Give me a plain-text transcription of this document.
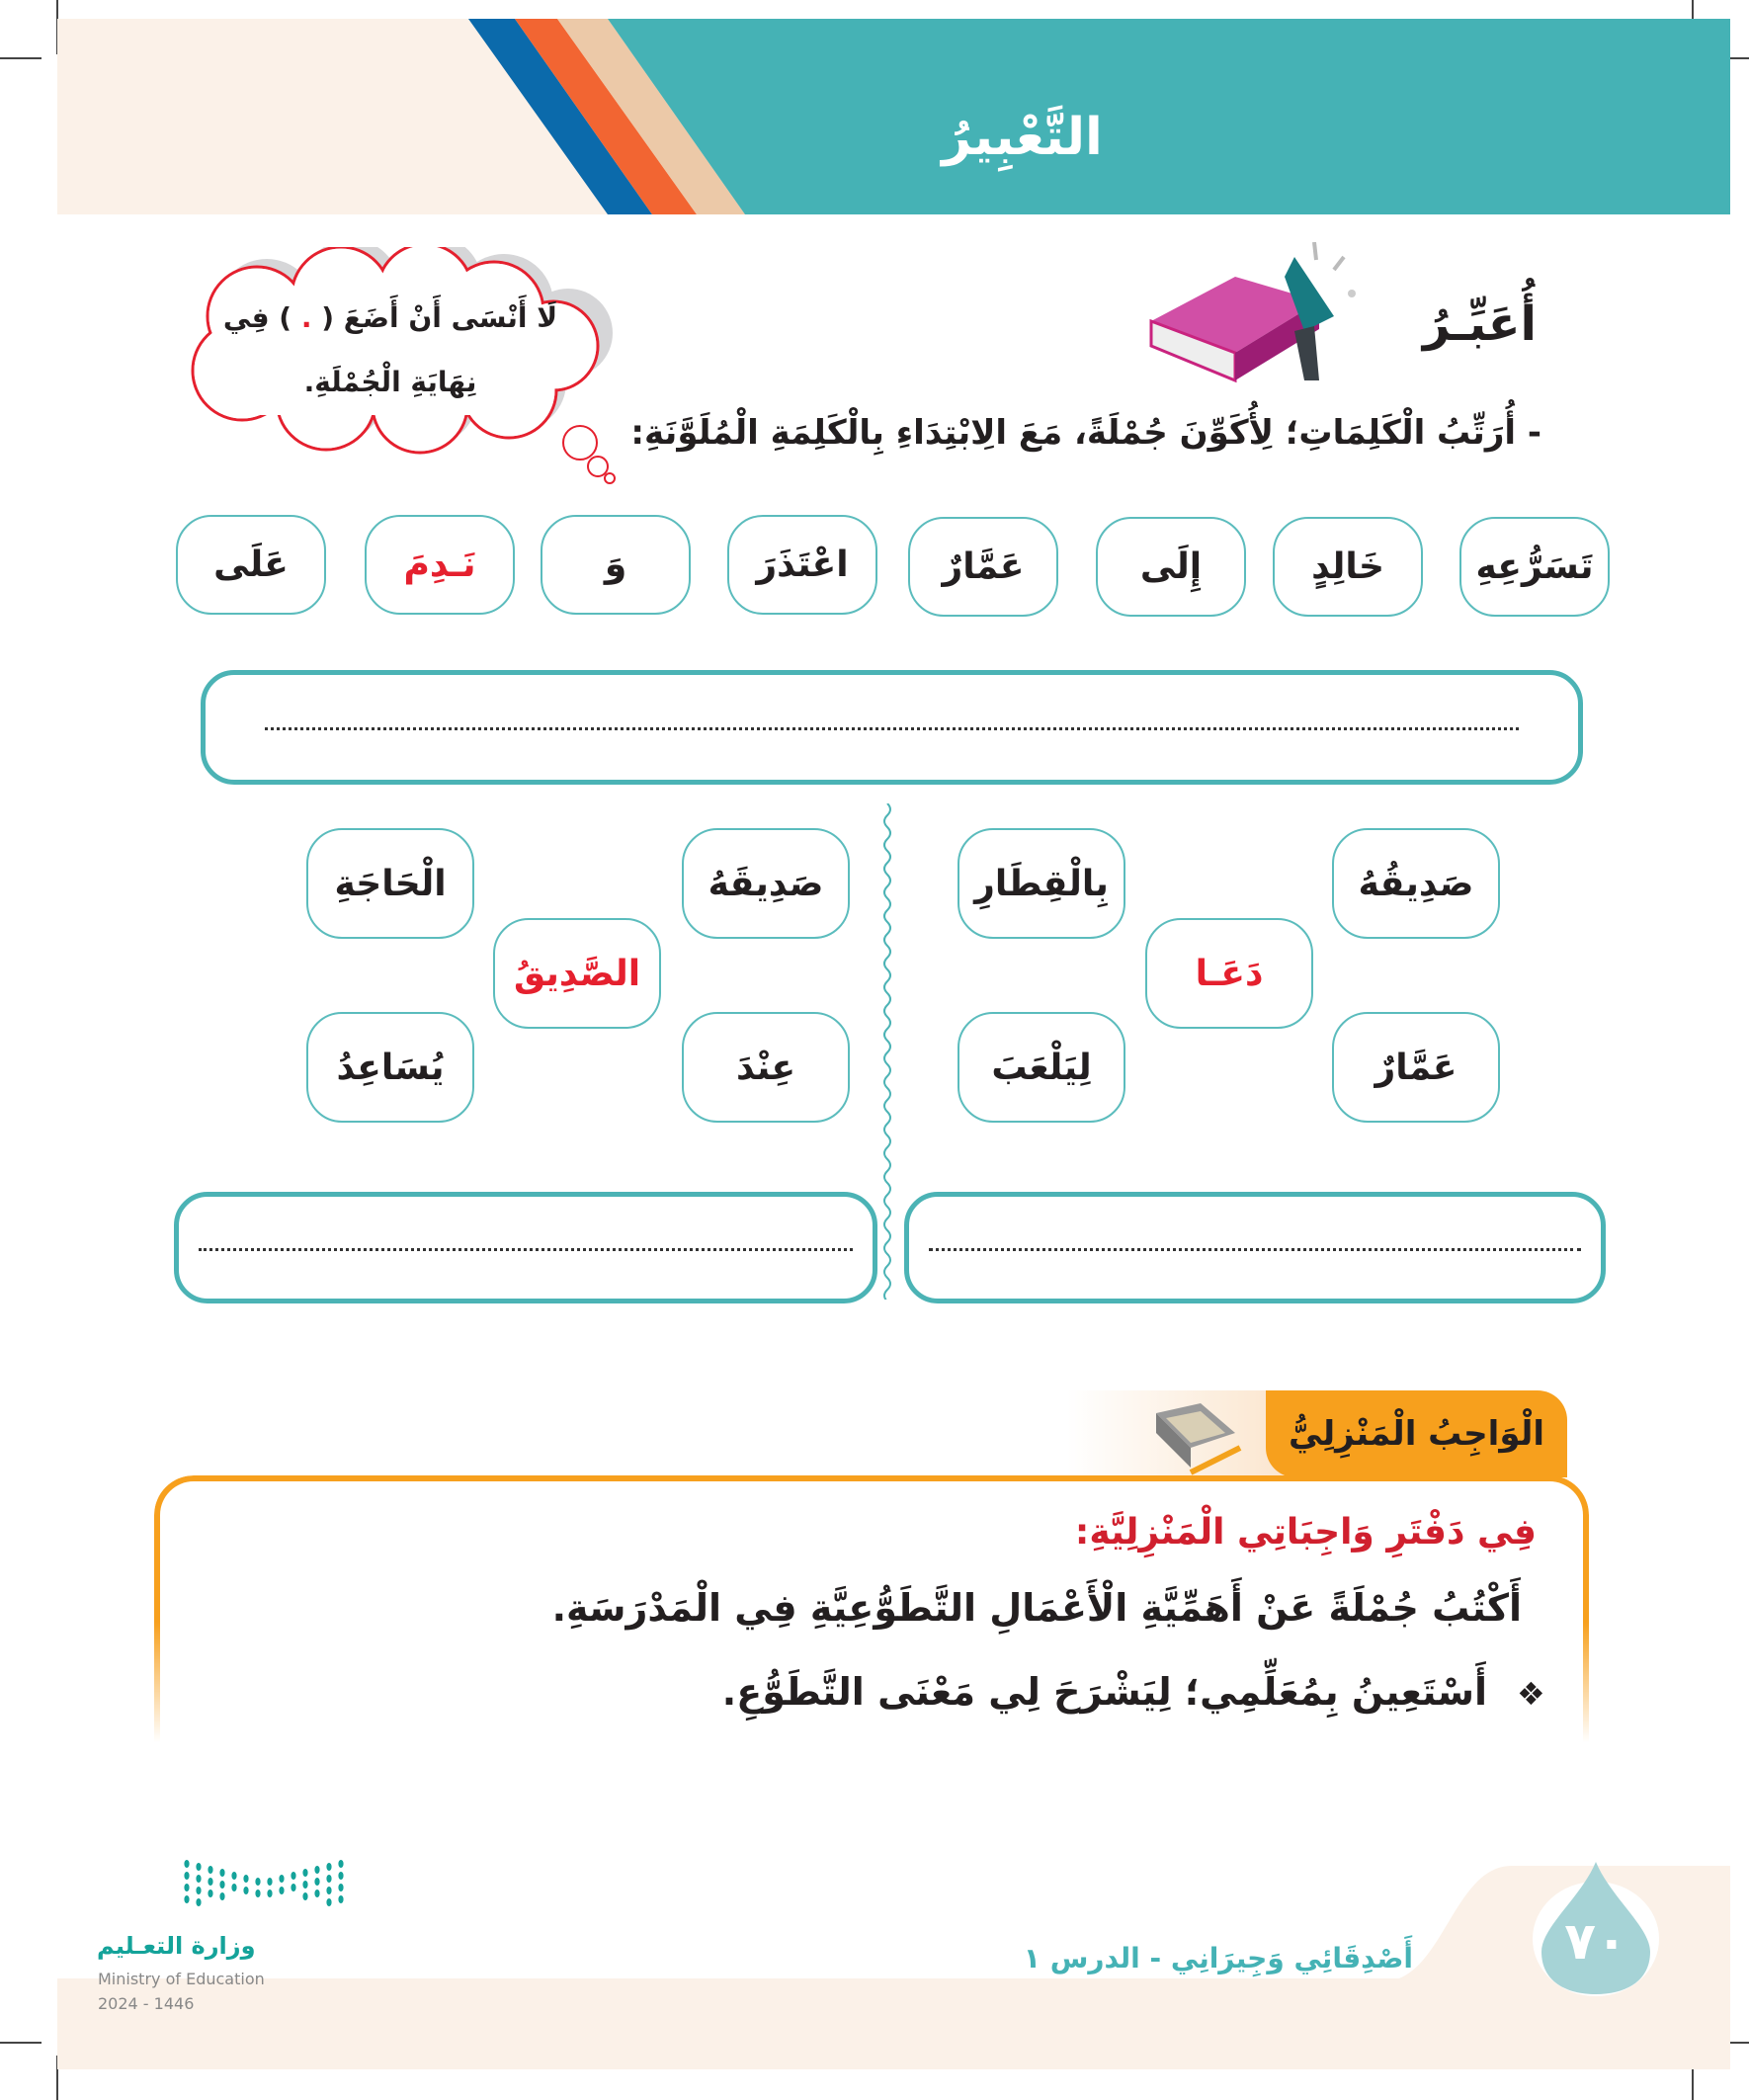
التَّعْبِيرُ
أُعَبِّـرُ
لَا أَنْسَى أَنْ أَضَعَ ( . ) فِي
نِهَايَةِ الْجُمْلَةِ.
- أُرَتِّبُ الْكَلِمَاتِ؛ لِأُكَوِّنَ جُمْلَةً، مَعَ الِابْتِدَاءِ بِالْكَلِمَةِ الْمُلَوَّنَةِ:
تَسَرُّعِهِ
خَالِدٍ
إِلَى
عَمَّارٌ
اعْتَذَرَ
وَ
نَـدِمَ
عَلَى
صَدِيقُهُ
دَعَـا
بِالْقِطَارِ
عَمَّارٌ
لِيَلْعَبَ
صَدِيقَهُ
الصَّدِيقُ
الْحَاجَةِ
عِنْدَ
يُسَاعِدُ
الْوَاجِبُ الْمَنْزِلِيُّ
فِي دَفْتَرِ وَاجِبَاتِي الْمَنْزِلِيَّةِ:
أَكْتُبُ جُمْلَةً عَنْ أَهَمِّيَّةِ الْأَعْمَالِ التَّطَوُّعِيَّةِ فِي الْمَدْرَسَةِ.
❖
أَسْتَعِينُ بِمُعَلِّمِي؛ لِيَشْرَحَ لِي مَعْنَى التَّطَوُّعِ.
٧٠
أَصْدِقَائِي وَجِيرَانِي - الدرس ١
وزارة التعـليم
Ministry of Education
2024 - 1446
